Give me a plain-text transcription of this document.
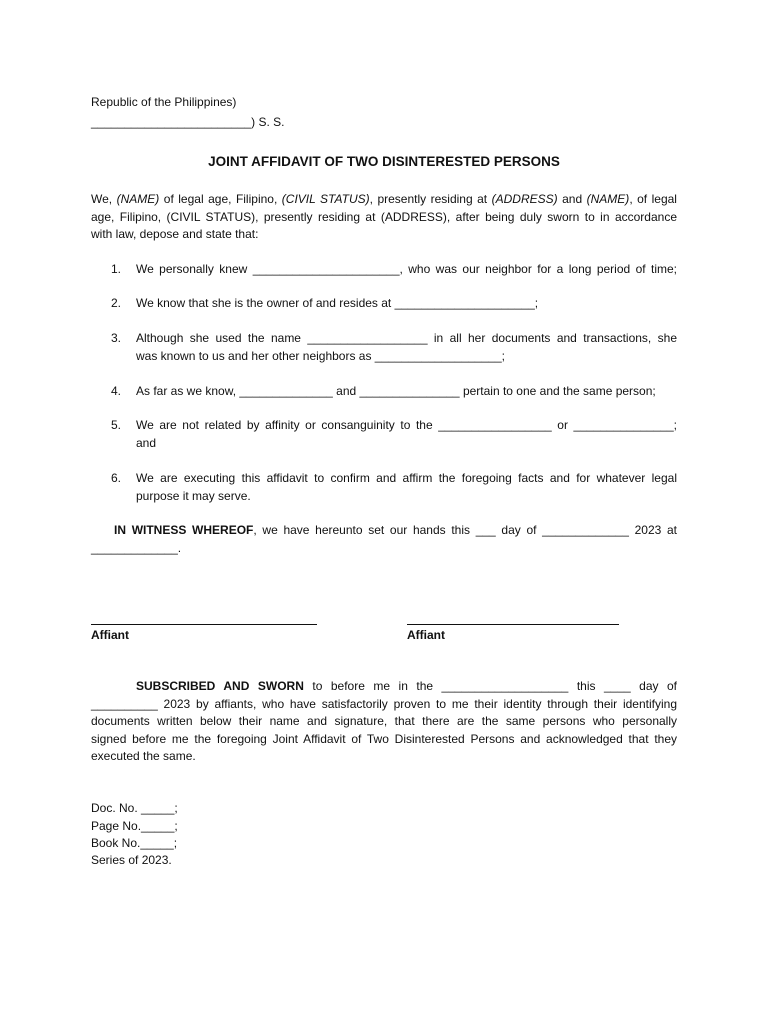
Republic of the Philippines)
________________________) S. S.
JOINT AFFIDAVIT OF TWO DISINTERESTED PERSONS
We, (NAME) of legal age, Filipino, (CIVIL STATUS), presently residing at (ADDRESS) and (NAME), of legal
age, Filipino, (CIVIL STATUS), presently residing at (ADDRESS), after being duly sworn to in accordance
with law, depose and state that:
1. We personally knew ______________________, who was our neighbor for a long period of time;
2. We know that she is the owner of and resides at _____________________;
3. Although she used the name __________________ in all her documents and transactions, she
was known to us and her other neighbors as ___________________;
4. As far as we know, ______________ and _______________ pertain to one and the same person;
5. We are not related by affinity or consanguinity to the _________________ or _______________;
and
6. We are executing this affidavit to confirm and affirm the foregoing facts and for whatever legal
purpose it may serve.
IN WITNESS WHEREOF, we have hereunto set our hands this ___ day of _____________ 2023 at
_____________.
Affiant	Affiant
SUBSCRIBED AND SWORN to before me in the ___________________ this ____ day of
__________ 2023 by affiants, who have satisfactorily proven to me their identity through their identifying
documents written below their name and signature, that there are the same persons who personally
signed before me the foregoing Joint Affidavit of Two Disinterested Persons and acknowledged that they
executed the same.
Doc. No. _____;
Page No._____;
Book No._____;
Series of 2023.
